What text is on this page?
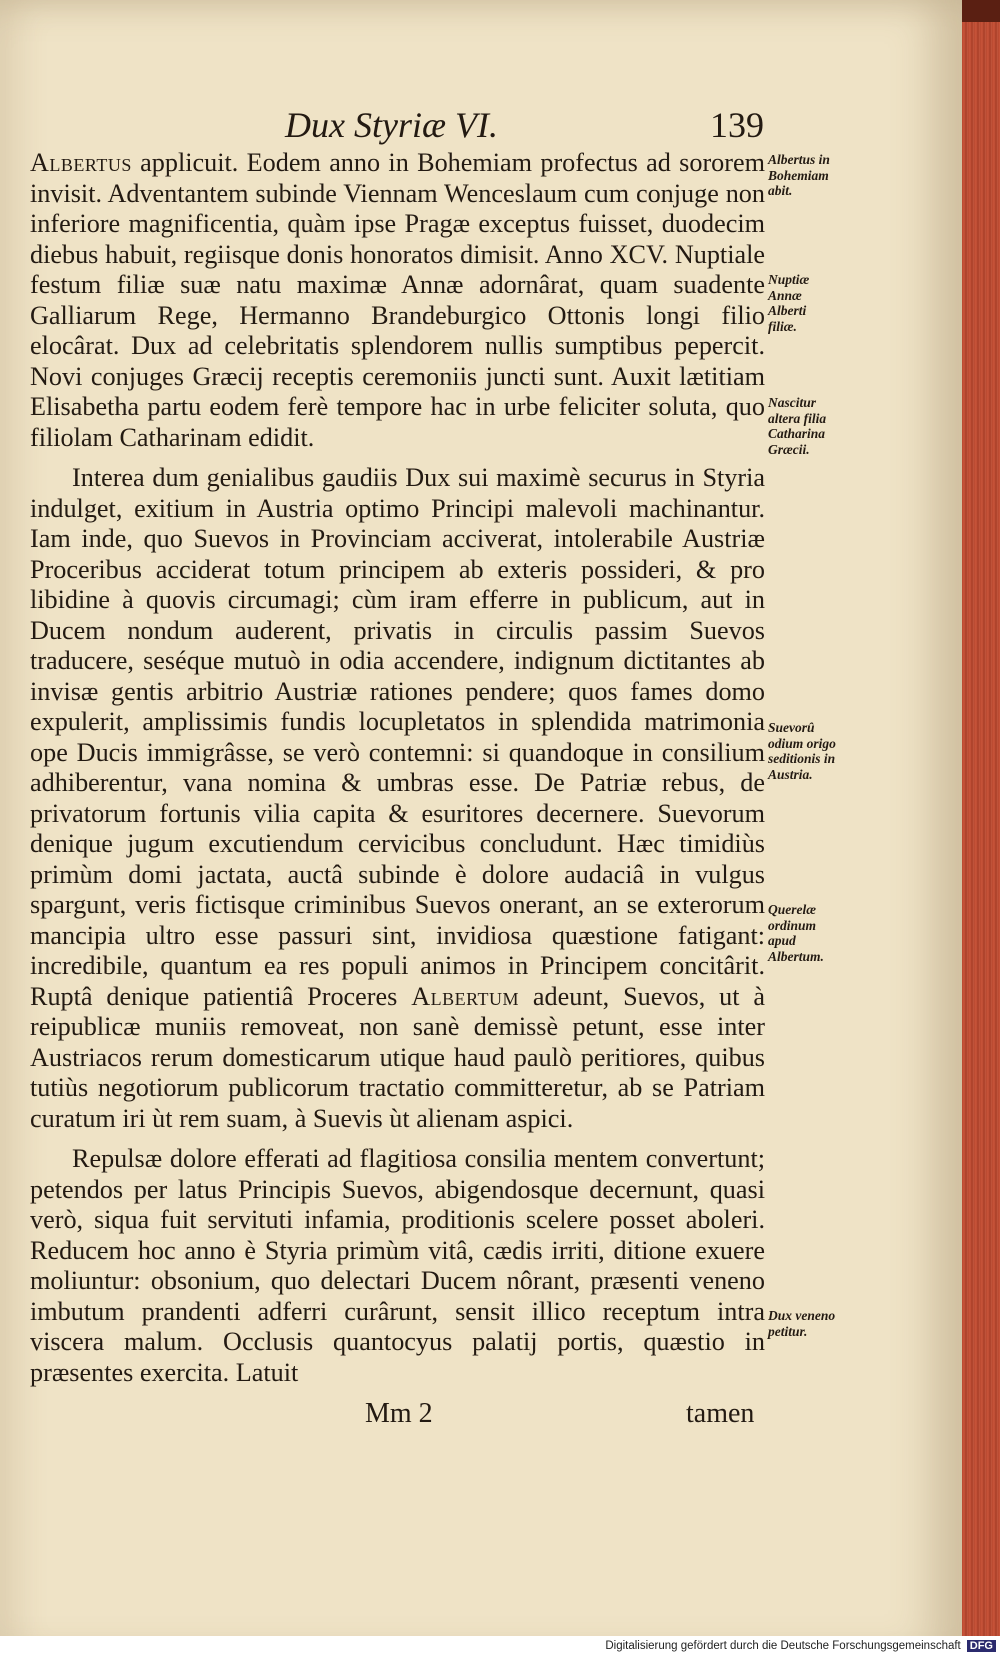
Dux Styriæ VI.	139

Albertus applicuit. Eodem anno in Bohemiam profectus ad sororem invisit. Adventantem subinde Viennam Wenceslaum cum conjuge non inferiore magnificentia, quàm ipse Pragæ exceptus fuisset, duodecim diebus habuit, regiisque donis honoratos dimisit. Anno XCV. Nuptiale festum filiæ suæ natu maximæ Annæ adornârat, quam suadente Galliarum Rege, Hermanno Brandeburgico Ottonis longi filio elocârat. Dux ad celebritatis splendorem nullis sumptibus pepercit. Novi conjuges Græcij receptis ceremoniis juncti sunt. Auxit lætitiam Elisabetha partu eodem ferè tempore hac in urbe feliciter soluta, quo filiolam Catharinam edidit.

Interea dum genialibus gaudiis Dux sui maximè securus in Styria indulget, exitium in Austria optimo Principi malevoli machinantur. Iam inde, quo Suevos in Provinciam acciverat, intolerabile Austriæ Proceribus acciderat totum principem ab exteris possideri, & pro libidine à quovis circumagi; cùm iram efferre in publicum, aut in Ducem nondum auderent, privatis in circulis passim Suevos traducere, seséque mutuò in odia accendere, indignum dictitantes ab invisæ gentis arbitrio Austriæ rationes pendere; quos fames domo expulerit, amplissimis fundis locupletatos in splendida matrimonia ope Ducis immigrâsse, se verò contemni: si quandoque in consilium adhiberentur, vana nomina & umbras esse. De Patriæ rebus, de privatorum fortunis vilia capita & esuritores decernere. Suevorum denique jugum excutiendum cervicibus concludunt. Hæc timidiùs primùm domi jactata, auctâ subinde è dolore audaciâ in vulgus spargunt, veris fictisque criminibus Suevos onerant, an se exterorum mancipia ultro esse passuri sint, invidiosa quæstione fatigant: incredibile, quantum ea res populi animos in Principem concitârit. Ruptâ denique patientiâ Proceres Albertum adeunt, Suevos, ut à reipublicæ muniis removeat, non sanè demissè petunt, esse inter Austriacos rerum domesticarum utique haud paulò peritiores, quibus tutiùs negotiorum publicorum tractatio committeretur, ab se Patriam curatum iri ùt rem suam, à Suevis ùt alienam aspici.

Repulsæ dolore efferati ad flagitiosa consilia mentem convertunt; petendos per latus Principis Suevos, abigendosque decernunt, quasi verò, siqua fuit servituti infamia, proditionis scelere posset aboleri. Reducem hoc anno è Styria primùm vitâ, cædis irriti, ditione exuere moliuntur: obsonium, quo delectari Ducem nôrant, præsenti veneno imbutum prandenti adferri curârunt, sensit illico receptum intra viscera malum. Occlusis quantocyus palatij portis, quæstio in præsentes exercita. Latuit

Albertus in Bohemiam abit.
Nuptiæ Annæ Alberti filiæ.
Nascitur altera filia Catharina Græcii.
Suevorû odium origo seditionis in Austria.
Querelæ ordinum apud Albertum.
Dux veneno petitur.
Mm 2	tamen
Digitalisierung gefördert durch die Deutsche Forschungsgemeinschaft DFG
